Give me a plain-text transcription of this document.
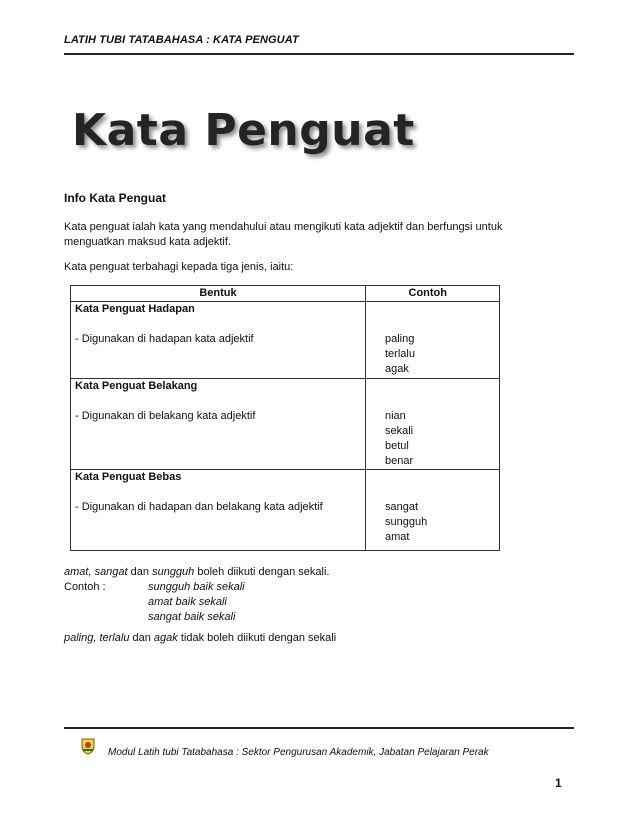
LATIH TUBI TATABAHASA : KATA PENGUAT
Kata Penguat
Info Kata Penguat
Kata penguat ialah kata yang mendahului atau mengikuti kata adjektif dan berfungsi untuk
menguatkan maksud kata adjektif.
Kata penguat terbahagi kepada tiga jenis, iaitu:
Bentuk	Contoh

Kata Penguat Hadapan
- Digunakan di hadapan kata adjektif	paling
terlalu
agak

Kata Penguat Belakang
- Digunakan di belakang kata adjektif	nian
sekali
betul
benar

Kata Penguat Bebas
- Digunakan di hadapan dan belakang kata adjektif	sangat
sungguh
amat
amat, sangat dan sungguh boleh diikuti dengan sekali.
Contoh :	sungguh baik sekali
amat baik sekali
sangat baik sekali
paling, terlalu dan agak tidak boleh diikuti dengan sekali
Modul Latih tubi Tatabahasa : Sektor Pengurusan Akademik, Jabatan Pelajaran Perak
1
